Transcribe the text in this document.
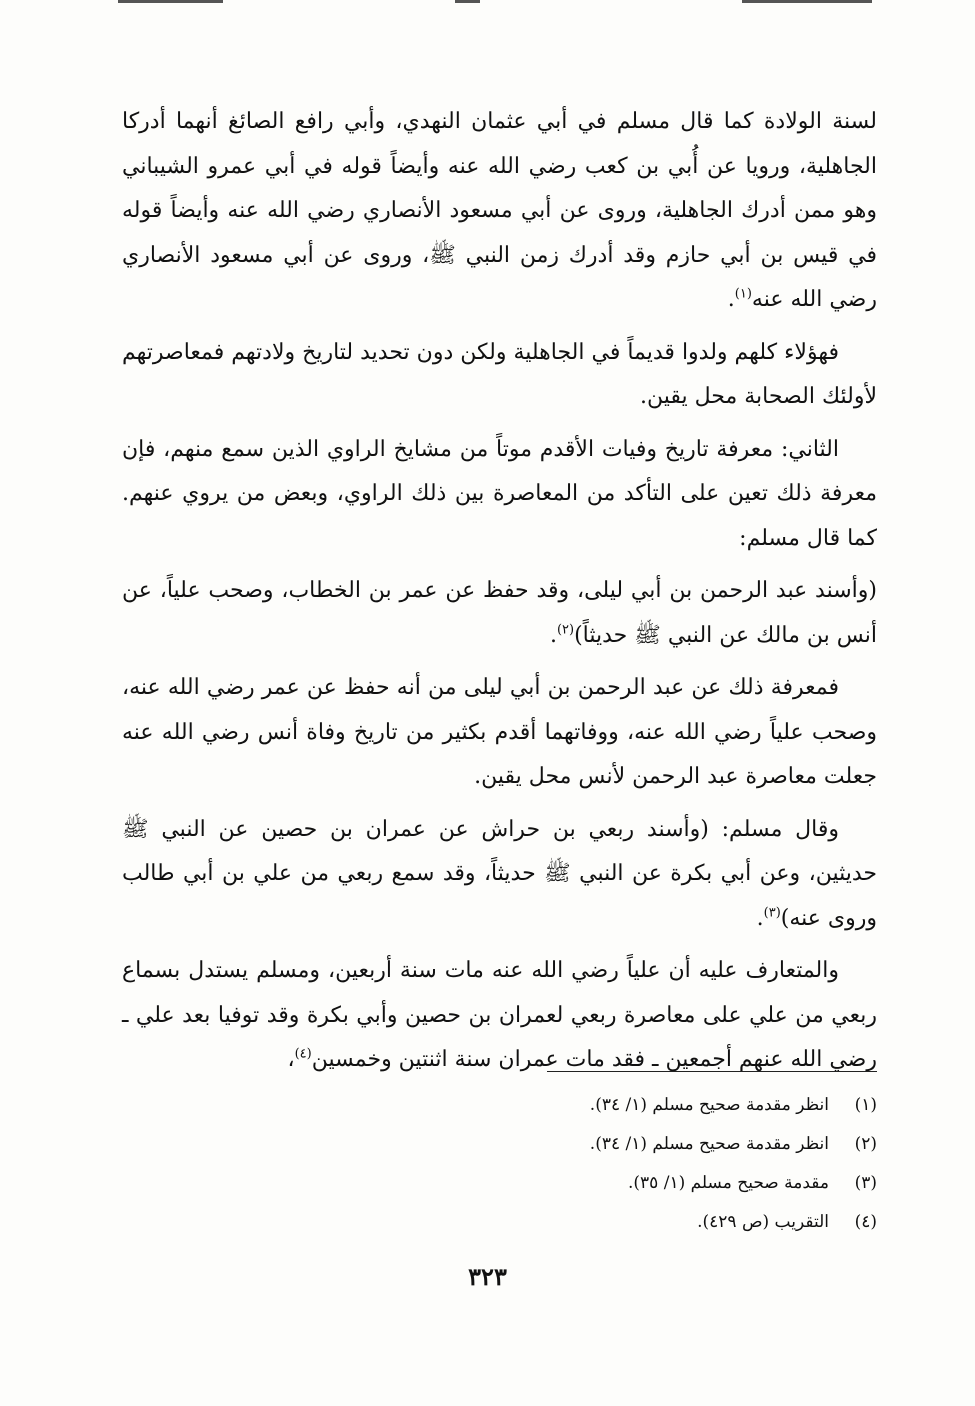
لسنة الولادة كما قال مسلم في أبي عثمان النهدي، وأبي رافع الصائغ أنهما أدركا الجاهلية، ورويا عن أُبي بن كعب رضي الله عنه وأيضاً قوله في أبي عمرو الشيباني وهو ممن أدرك الجاهلية، وروى عن أبي مسعود الأنصاري رضي الله عنه وأيضاً قوله في قيس بن أبي حازم وقد أدرك زمن النبي ﷺ، وروى عن أبي مسعود الأنصاري رضي الله عنه$^{(١)}$.

فهؤلاء كلهم ولدوا قديماً في الجاهلية ولكن دون تحديد لتاريخ ولادتهم فمعاصرتهم لأولئك الصحابة محل يقين.

الثاني: معرفة تاريخ وفيات الأقدم موتاً من مشايخ الراوي الذين سمع منهم، فإن معرفة ذلك تعين على التأكد من المعاصرة بين ذلك الراوي، وبعض من يروي عنهم. كما قال مسلم:

(وأسند عبد الرحمن بن أبي ليلى، وقد حفظ عن عمر بن الخطاب، وصحب علياً، عن أنس بن مالك عن النبي ﷺ حديثاً)$^{(٢)}$.

فمعرفة ذلك عن عبد الرحمن بن أبي ليلى من أنه حفظ عن عمر رضي الله عنه، وصحب علياً رضي الله عنه، ووفاتهما أقدم بكثير من تاريخ وفاة أنس رضي الله عنه جعلت معاصرة عبد الرحمن لأنس محل يقين.

وقال مسلم: (وأسند ربعي بن حراش عن عمران بن حصين عن النبي ﷺ حديثين، وعن أبي بكرة عن النبي ﷺ حديثاً، وقد سمع ربعي من علي بن أبي طالب وروى عنه)$^{(٣)}$.

والمتعارف عليه أن علياً رضي الله عنه مات سنة أربعين، ومسلم يستدل بسماع ربعي من علي على معاصرة ربعي لعمران بن حصين وأبي بكرة وقد توفيا بعد علي ـ رضي الله عنهم أجمعين ـ فقد مات عمران سنة اثنتين وخمسين$^{(٤)}$،

(١)
انظر مقدمة صحيح مسلم (١/ ٣٤).
(٢)
انظر مقدمة صحيح مسلم (١/ ٣٤).
(٣)
مقدمة صحيح مسلم (١/ ٣٥).
(٤)
التقريب (ص ٤٢٩).
٣٢٣
